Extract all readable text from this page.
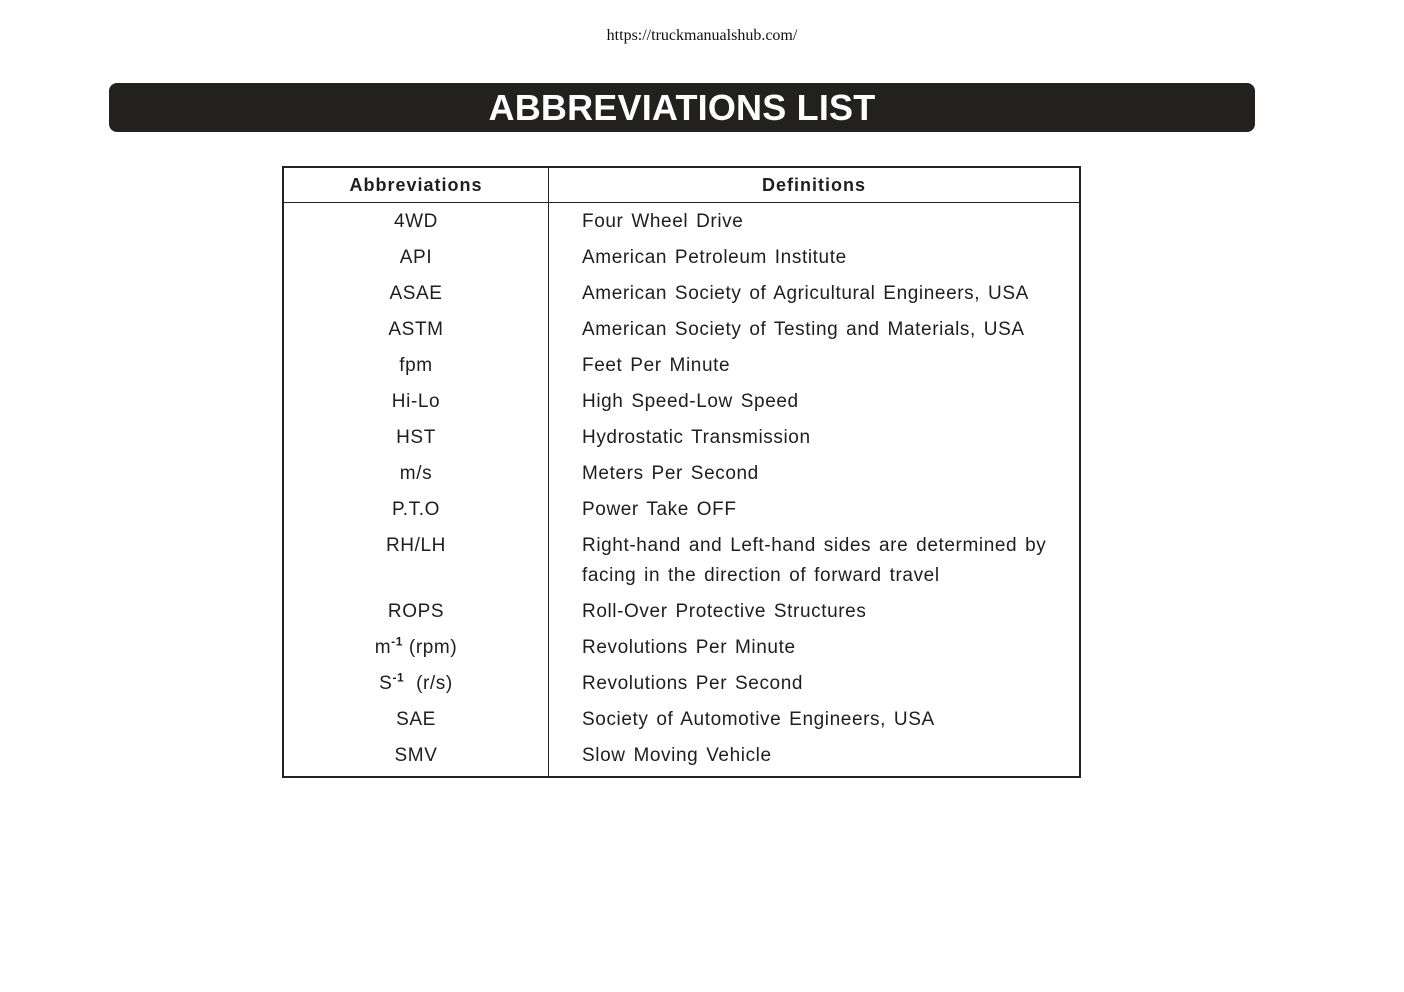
https://truckmanualshub.com/
ABBREVIATIONS LIST
Abbreviations	Definitions

4WD	Four Wheel Drive

API	American Petroleum Institute

ASAE	American Society of Agricultural Engineers, USA

ASTM	American Society of Testing and Materials, USA

fpm	Feet Per Minute

Hi-Lo	High Speed-Low Speed

HST	Hydrostatic Transmission

m/s	Meters Per Second

P.T.O	Power Take OFF

RH/LH	Right-hand and Left-hand sides are determined by facing in the direction of forward travel

ROPS	Roll-Over Protective Structures

$m^{-1}$ (rpm)	Revolutions Per Minute

$S^{-1}$  (r/s)	Revolutions Per Second

SAE	Society of Automotive Engineers, USA

SMV	Slow Moving Vehicle
